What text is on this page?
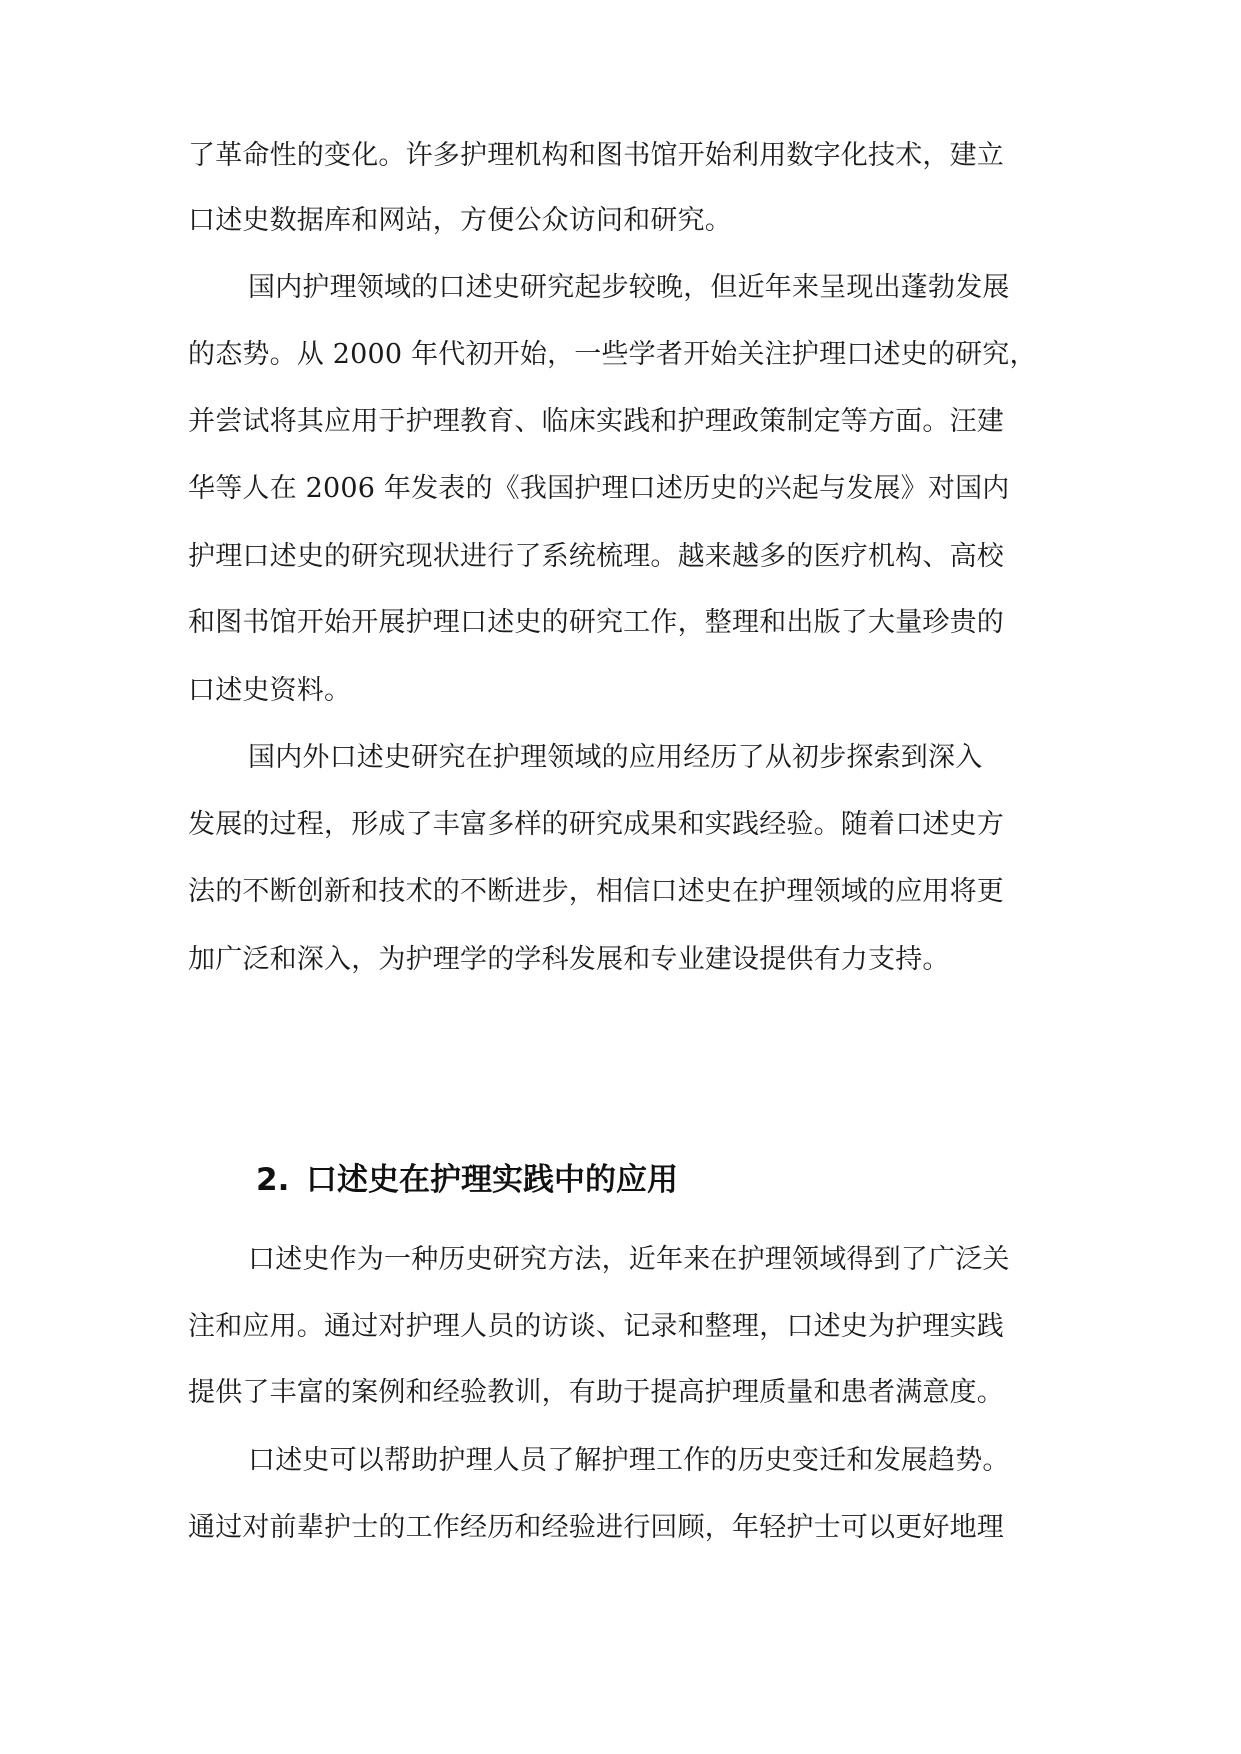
了革命性的变化。许多护理机构和图书馆开始利用数字化技术，建立
口述史数据库和网站，方便公众访问和研究。
国内护理领域的口述史研究起步较晚，但近年来呈现出蓬勃发展
的态势。从 2000 年代初开始，一些学者开始关注护理口述史的研究，
并尝试将其应用于护理教育、临床实践和护理政策制定等方面。汪建
华等人在 2006 年发表的《我国护理口述历史的兴起与发展》对国内
护理口述史的研究现状进行了系统梳理。越来越多的医疗机构、高校
和图书馆开始开展护理口述史的研究工作，整理和出版了大量珍贵的
口述史资料。
国内外口述史研究在护理领域的应用经历了从初步探索到深入
发展的过程，形成了丰富多样的研究成果和实践经验。随着口述史方
法的不断创新和技术的不断进步，相信口述史在护理领域的应用将更
加广泛和深入，为护理学的学科发展和专业建设提供有力支持。
2. 口述史在护理实践中的应用
口述史作为一种历史研究方法，近年来在护理领域得到了广泛关
注和应用。通过对护理人员的访谈、记录和整理，口述史为护理实践
提供了丰富的案例和经验教训，有助于提高护理质量和患者满意度。
口述史可以帮助护理人员了解护理工作的历史变迁和发展趋势。
通过对前辈护士的工作经历和经验进行回顾，年轻护士可以更好地理
